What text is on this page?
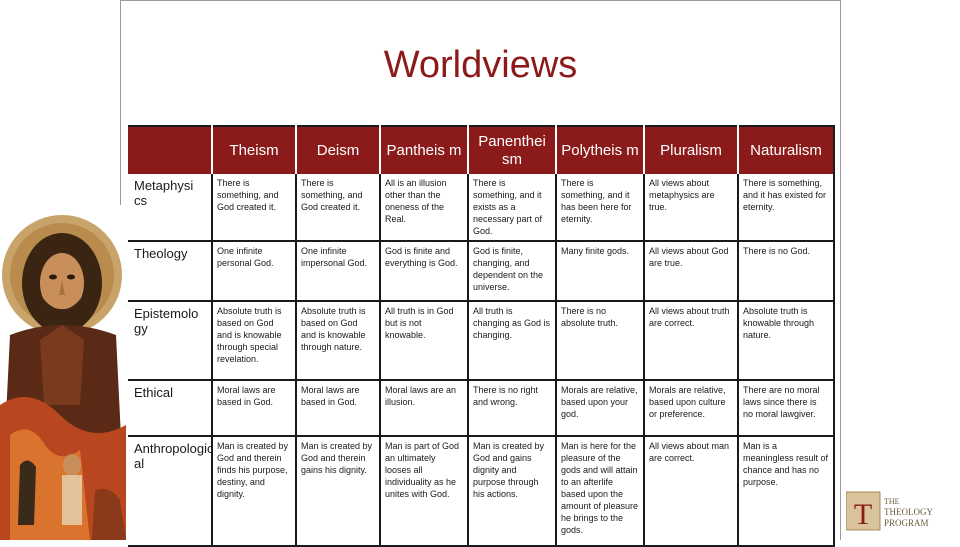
Worldviews
	Theism	Deism	Pantheis m	Panenthei sm	Polytheis m	Pluralism	Naturalism
Metaphysi cs	There is something, and God created it.	There is something, and God created it.	All is an illusion other than the oneness of the Real.	There is something, and it exists as a necessary part of God.	There is something, and it has been here for eternity.	All views about metaphysics are true.	There is something, and it has existed for eternity.
Theology	One infinite personal God.	One infinite impersonal God.	God is finite and everything is God.	God is finite, changing, and dependent on the universe.	Many finite gods.	All views about God are true.	There is no God.
Epistemolo gy	Absolute truth is based on God and is knowable through special revelation.	Absolute truth is based on God and is knowable through nature.	All truth is in God but is not knowable.	All truth is changing as God is changing.	There is no absolute truth.	All views about truth are correct.	Absolute truth is knowable through nature.
Ethical	Moral laws are based in God.	Moral laws are based in God.	Moral laws are an illusion.	There is no right and wrong.	Morals are relative, based upon your god.	Morals are relative, based upon culture or preference.	There are no moral laws since there is no moral lawgiver.
Anthropologic al	Man is created by God and therein finds his purpose, destiny, and dignity.	Man is created by God and therein gains his dignity.	Man is part of God an ultimately looses all individuality as he unites with God.	Man is created by God and gains dignity and purpose through his actions.	Man is here for the pleasure of the gods and will attain to an afterlife based upon the amount of pleasure he brings to the gods.	All views about man are correct.	Man is a meaningless result of chance and has no purpose.
T THE
THEOLOGY
PROGRAM
